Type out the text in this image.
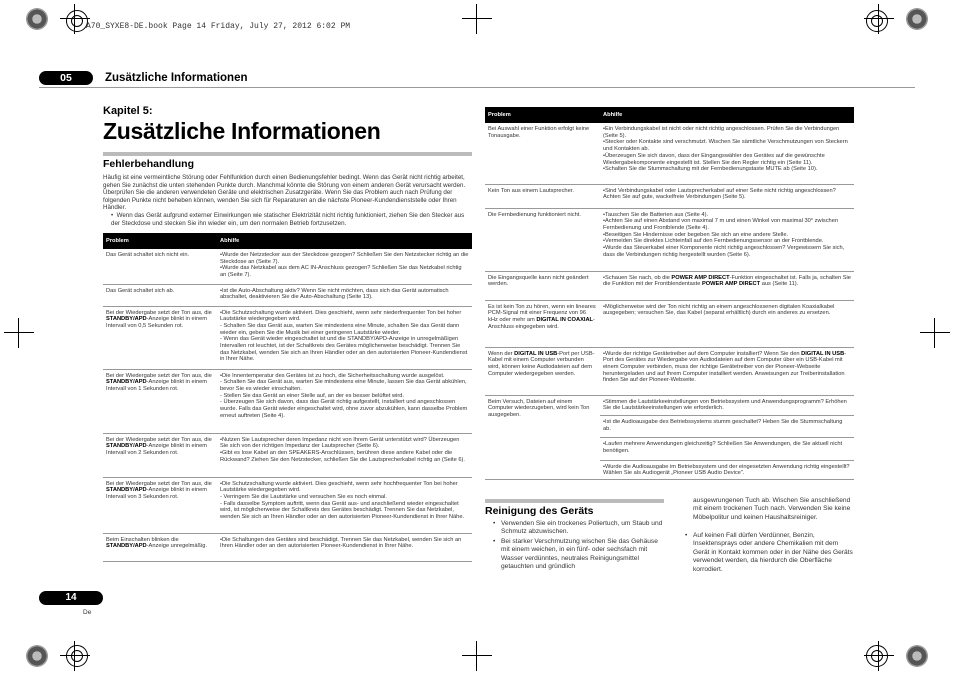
A70_SYXE8-DE.book Page 14 Friday, July 27, 2012 6:02 PM
05	Zusätzliche Informationen
Kapitel 5:
Zusätzliche Informationen
Fehlerbehandlung
Häufig ist eine vermeintliche Störung oder Fehlfunktion durch einen Bedienungsfehler bedingt. Wenn das Gerät nicht richtig arbeitet, gehen Sie zunächst die unten stehenden Punkte durch. Manchmal könnte die Störung von einem anderen Gerät verursacht werden. Überprüfen Sie die anderen verwendeten Geräte und elektrischen Zusatzgeräte. Wenn Sie das Problem auch nach Prüfung der folgenden Punkte nicht beheben können, wenden Sie sich für Reparaturen an die nächste Pioneer-Kundendienststelle oder Ihren Händler.
•  Wenn das Gerät aufgrund externer Einwirkungen wie statischer Elektrizität nicht richtig funktioniert, ziehen Sie den Stecker aus der Steckdose und stecken Sie ihn wieder ein, um den normalen Betrieb fortzusetzen.
Problem	Abhilfe
Das Gerät schaltet sich nicht ein.	•Wurde der Netzstecker aus der Steckdose gezogen? Schließen Sie den Netzstecker richtig an die Steckdose an (Seite 7).
•Wurde das Netzkabel aus dem AC IN-Anschluss gezogen? Schließen Sie das Netzkabel richtig an (Seite 7).

Das Gerät schaltet sich ab.	•Ist die Auto-Abschaltung aktiv? Wenn Sie nicht möchten, dass sich das Gerät automatisch abschaltet, deaktivieren Sie die Auto-Abschaltung (Seite 13).

Bei der Wiedergabe setzt der Ton aus, die STANDBY/APD-Anzeige blinkt in einem Intervall von 0,5 Sekunden rot.	•Die Schutzschaltung wurde aktiviert. Dies geschieht, wenn sehr niederfrequenter Ton bei hoher Lautstärke wiedergegeben wird.
- Schalten Sie das Gerät aus, warten Sie mindestens eine Minute, schalten Sie das Gerät dann wieder ein, geben Sie die Musik bei einer geringeren Lautstärke wieder.
- Wenn das Gerät wieder eingeschaltet ist und die STANDBY/APD-Anzeige in unregelmäßigen Intervallen rot leuchtet, ist der Schaltkreis des Gerätes möglicherweise beschädigt. Trennen Sie das Netzkabel, wenden Sie sich an Ihren Händler oder an den autorisierten Pioneer-Kundendienst in Ihrer Nähe.

Bei der Wiedergabe setzt der Ton aus, die STANDBY/APD-Anzeige blinkt in einem Intervall von 1 Sekunden rot.	•Die Innentemperatur des Gerätes ist zu hoch, die Sicherheitsschaltung wurde ausgelöst.
- Schalten Sie das Gerät aus, warten Sie mindestens eine Minute, lassen Sie das Gerät abkühlen, bevor Sie es wieder einschalten.
- Stellen Sie das Gerät an einer Stelle auf, an der es besser belüftet wird.
- Überzeugen Sie sich davon, dass das Gerät richtig aufgestellt, installiert und angeschlossen wurde. Falls das Gerät wieder eingeschaltet wird, ohne zuvor abzukühlen, kann dasselbe Problem erneut auftreten (Seite 4).

Bei der Wiedergabe setzt der Ton aus, die STANDBY/APD-Anzeige blinkt in einem Intervall von 2 Sekunden rot.	•Nutzen Sie Lautsprecher deren Impedanz nicht von Ihrem Gerät unterstützt wird? Überzeugen Sie sich von der richtigen Impedanz der Lautsprecher (Seite 6).
•Gibt es lose Kabel an den SPEAKERS-Anschlüssen, berühren diese andere Kabel oder die Rückwand? Ziehen Sie den Netzstecker, schließen Sie die Lautsprecherkabel richtig an (Seite 6).

Bei der Wiedergabe setzt der Ton aus, die STANDBY/APD-Anzeige blinkt in einem Intervall von 3 Sekunden rot.	•Die Schutzschaltung wurde aktiviert. Dies geschieht, wenn sehr hochfrequenter Ton bei hoher Lautstärke wiedergegeben wird.
- Verringern Sie die Lautstärke und versuchen Sie es noch einmal.
- Falls dasselbe Symptom auftritt, wenn das Gerät aus- und anschließend wieder eingeschaltet wird, ist möglicherweise der Schaltkreis des Gerätes beschädigt. Trennen Sie das Netzkabel, wenden Sie sich an Ihren Händler oder an den autorisierten Pioneer-Kundendienst in Ihrer Nähe.

Beim Einschalten blinken die STANDBY/APD-Anzeige unregelmäßig.	•Die Schaltungen des Gerätes sind beschädigt. Trennen Sie das Netzkabel, wenden Sie sich an Ihren Händler oder an den autorisierten Pioneer-Kundendienst in Ihrer Nähe.
Problem	Abhilfe
Bei Auswahl einer Funktion erfolgt keine Tonausgabe.	•Ein Verbindungskabel ist nicht oder nicht richtig angeschlossen. Prüfen Sie die Verbindungen (Seite 5).
•Stecker oder Kontakte sind verschmutzt. Wischen Sie sämtliche Verschmutzungen von Steckern und Kontakten ab.
•Überzeugen Sie sich davon, dass der Eingangswähler des Gerätes auf die gewünschte Wiedergabekomponente eingestellt ist. Stellen Sie den Regler richtig ein (Seite 11).
•Schalten Sie die Stummschaltung mit der Fernbedienungstaste MUTE ab (Seite 10).

Kein Ton aus einem Lautsprecher.	•Sind Verbindungskabel oder Lautsprecherkabel auf einer Seite nicht richtig angeschlossen? Achten Sie auf gute, wackelfreie Verbindungen (Seite 5).

Die Fernbedienung funktioniert nicht.	•Tauschen Sie die Batterien aus (Seite 4).
•Achten Sie auf einen Abstand von maximal 7 m und einen Winkel von maximal 30° zwischen Fernbedienung und Frontblende (Seite 4).
•Beseitigen Sie Hindernisse oder begeben Sie sich an eine andere Stelle.
•Vermeiden Sie direktes Lichteinfall auf den Fernbedienungssensor an der Frontblende.
•Wurde das Steuerkabel einer Komponente nicht richtig angeschlossen? Vergewissern Sie sich, dass die Verbindungen richtig hergestellt wurden (Seite 6).

Die Eingangsquelle kann nicht geändert werden.	•Schauen Sie nach, ob die POWER AMP DIRECT-Funktion eingeschaltet ist. Falls ja, schalten Sie die Funktion mit der Frontblendentaste POWER AMP DIRECT aus (Seite 11).
Es ist kein Ton zu hören, wenn ein lineares PCM-Signal mit einer Frequenz von 96 kHz oder mehr am DIGITAL IN COAXIAL-Anschluss eingegeben wird.	•Möglicherweise wird der Ton nicht richtig an einem angeschlossenen digitalen Koaxialkabel ausgegeben; versuchen Sie, das Kabel (separat erhältlich) durch ein anderes zu ersetzen.

Wenn der DIGITAL IN USB-Port per USB-Kabel mit einem Computer verbunden wird, können keine Audiodateien auf dem Computer wiedergegeben werden.	•Wurde der richtige Gerätetreiber auf dem Computer installiert? Wenn Sie den DIGITAL IN USB-Port des Gerätes zur Wiedergabe von Audiodateien auf dem Computer über ein USB-Kabel mit einem Computer verbinden, muss der richtige Gerätetreiber von der Pioneer-Webseite heruntergeladen und auf Ihrem Computer installiert werden. Anweisungen zur Treiberinstallation finden Sie auf der Pioneer-Webseite.
Beim Versuch, Dateien auf einem Computer wiederzugeben, wird kein Ton ausgegeben.	•Stimmen die Lautstärkeeinstellungen von Betriebssystem und Anwendungsprogramm? Erhöhen Sie die Lautstärkeeinstellungen wie erforderlich.
•Ist die Audioausgabe des Betriebssystems stumm geschaltet? Heben Sie die Stummschaltung ab.
•Laufen mehrere Anwendungen gleichzeitig? Schließen Sie Anwendungen, die Sie aktuell nicht benötigen.
•Wurde die Audioausgabe im Betriebssystem und der eingesetzten Anwendung richtig eingestellt? Wählen Sie als Audiogerät „Pioneer USB Audio Device".
Reinigung des Geräts
• Verwenden Sie ein trockenes Poliertuch, um Staub und Schmutz abzuwischen.
• Bei starker Verschmutzung wischen Sie das Gehäuse mit einem weichen, in ein fünf- oder sechsfach mit Wasser verdünntes, neutrales Reinigungsmittel getauchten und gründlich
ausgewrungenen Tuch ab. Wischen Sie anschließend mit einem trockenen Tuch nach. Verwenden Sie keine Möbelpolitur und keinen Haushaltsreiniger.
• Auf keinen Fall dürfen Verdünner, Benzin, Insektensprays oder andere Chemikalien mit dem Gerät in Kontakt kommen oder in der Nähe des Geräts verwendet werden, da hierdurch die Oberfläche korrodiert.
14
De
